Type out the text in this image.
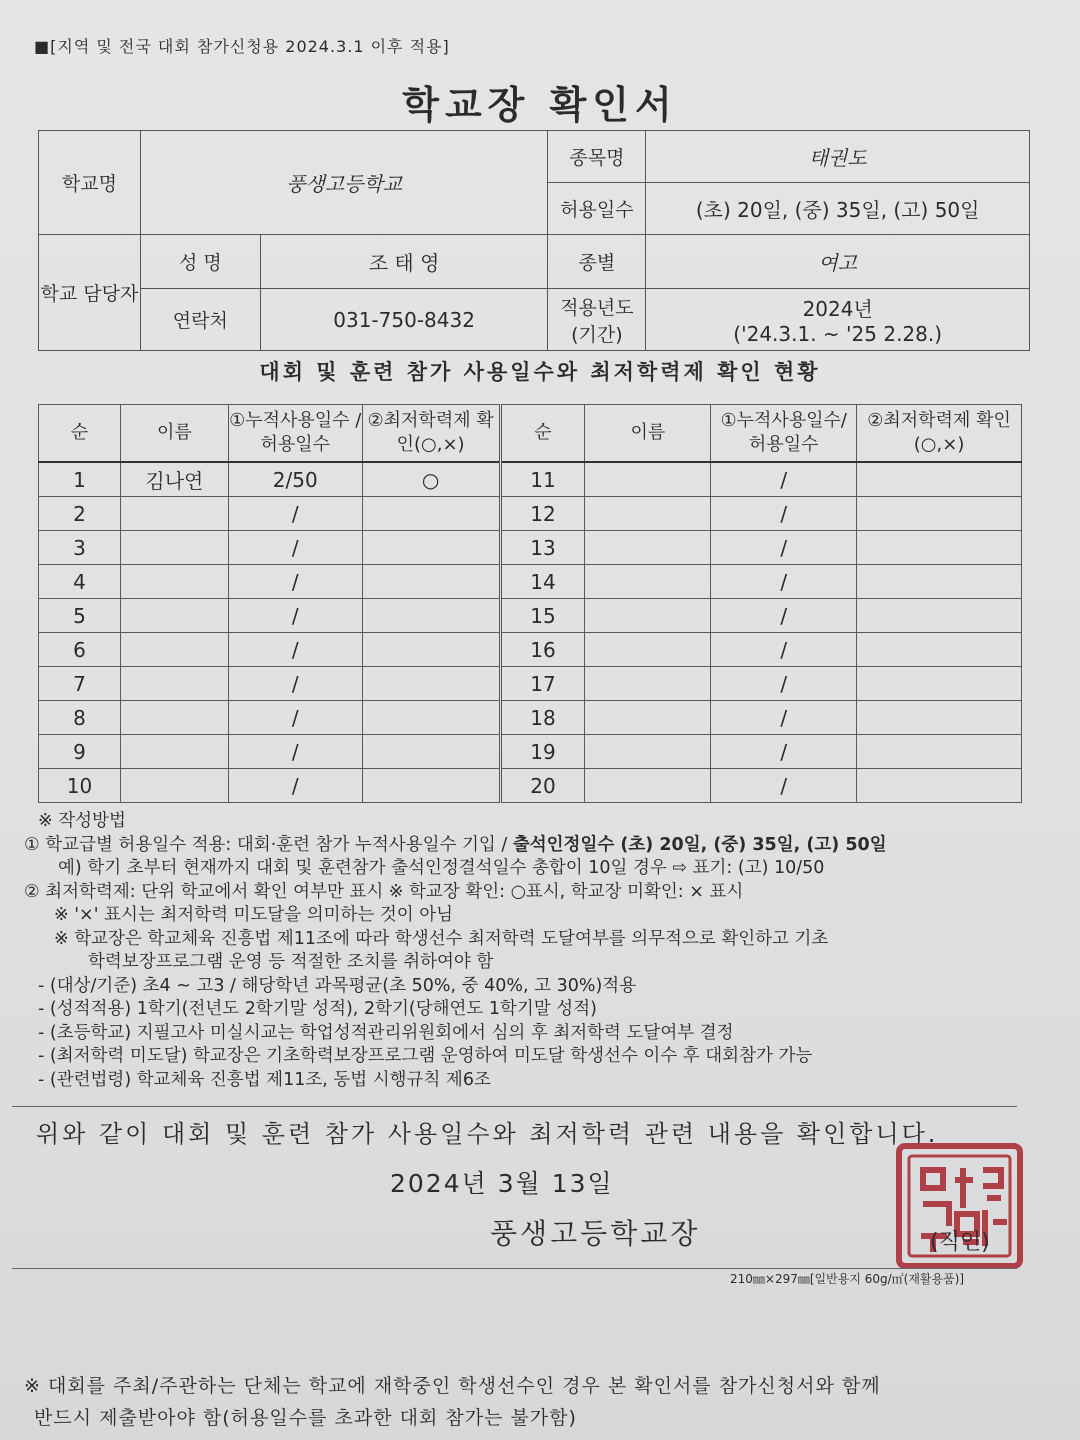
■[지역 및 전국 대회 참가신청용 2024.3.1 이후 적용]
학교장 확인서
학교명	풍생고등학교		종목명	태권도
			허용일수	(초) 20일, (중) 35일, (고) 50일
학교 담당자	성 명	조 태 영	종별	여고
	연락처	031-750-8432	적용년도 (기간)	2024년
('24.3.1. ~ '25 2.28.)
대회 및 훈련 참가 사용일수와 최저학력제 확인 현황
순	이름	①누적사용일수 /허용일수	②최저학력제 확인(○,×)	순	이름	①누적사용일수/ 허용일수	②최저학력제 확인(○,×)
1	김나연	2/50	○	11		/	
2		/		12		/	
3		/		13		/	
4		/		14		/	
5		/		15		/	
6		/		16		/	
7		/		17		/	
8		/		18		/	
9		/		19		/	
10		/		20		/	
※ 작성방법
① 학교급별 허용일수 적용: 대회·훈련 참가 누적사용일수 기입 / 출석인정일수 (초) 20일, (중) 35일, (고) 50일
예) 학기 초부터 현재까지 대회 및 훈련참가 출석인정결석일수 총합이 10일 경우 ⇨ 표기: (고) 10/50
② 최저학력제: 단위 학교에서 확인 여부만 표시 ※ 학교장 확인: ○표시, 학교장 미확인: × 표시
※ '×' 표시는 최저학력 미도달을 의미하는 것이 아님
※ 학교장은 학교체육 진흥법 제11조에 따라 학생선수 최저학력 도달여부를 의무적으로 확인하고 기초
학력보장프로그램 운영 등 적절한 조치를 취하여야 함
- (대상/기준) 초4 ~ 고3 / 해당학년 과목평균(초 50%, 중 40%, 고 30%)적용
- (성적적용) 1학기(전년도 2학기말 성적), 2학기(당해연도 1학기말 성적)
- (초등학교) 지필고사 미실시교는 학업성적관리위원회에서 심의 후 최저학력 도달여부 결정
- (최저학력 미도달) 학교장은 기초학력보장프로그램 운영하여 미도달 학생선수 이수 후 대회참가 가능
- (관련법령) 학교체육 진흥법 제11조, 동법 시행규칙 제6조
위와 같이 대회 및 훈련 참가 사용일수와 최저학력 관련 내용을 확인합니다.
2024년 3월 13일
풍생고등학교장	(직인)
210㎜×297㎜[일반용지 60g/㎡(재활용품)]
※ 대회를 주최/주관하는 단체는 학교에 재학중인 학생선수인 경우 본 확인서를 참가신청서와 함께
반드시 제출받아야 함(허용일수를 초과한 대회 참가는 불가함)
